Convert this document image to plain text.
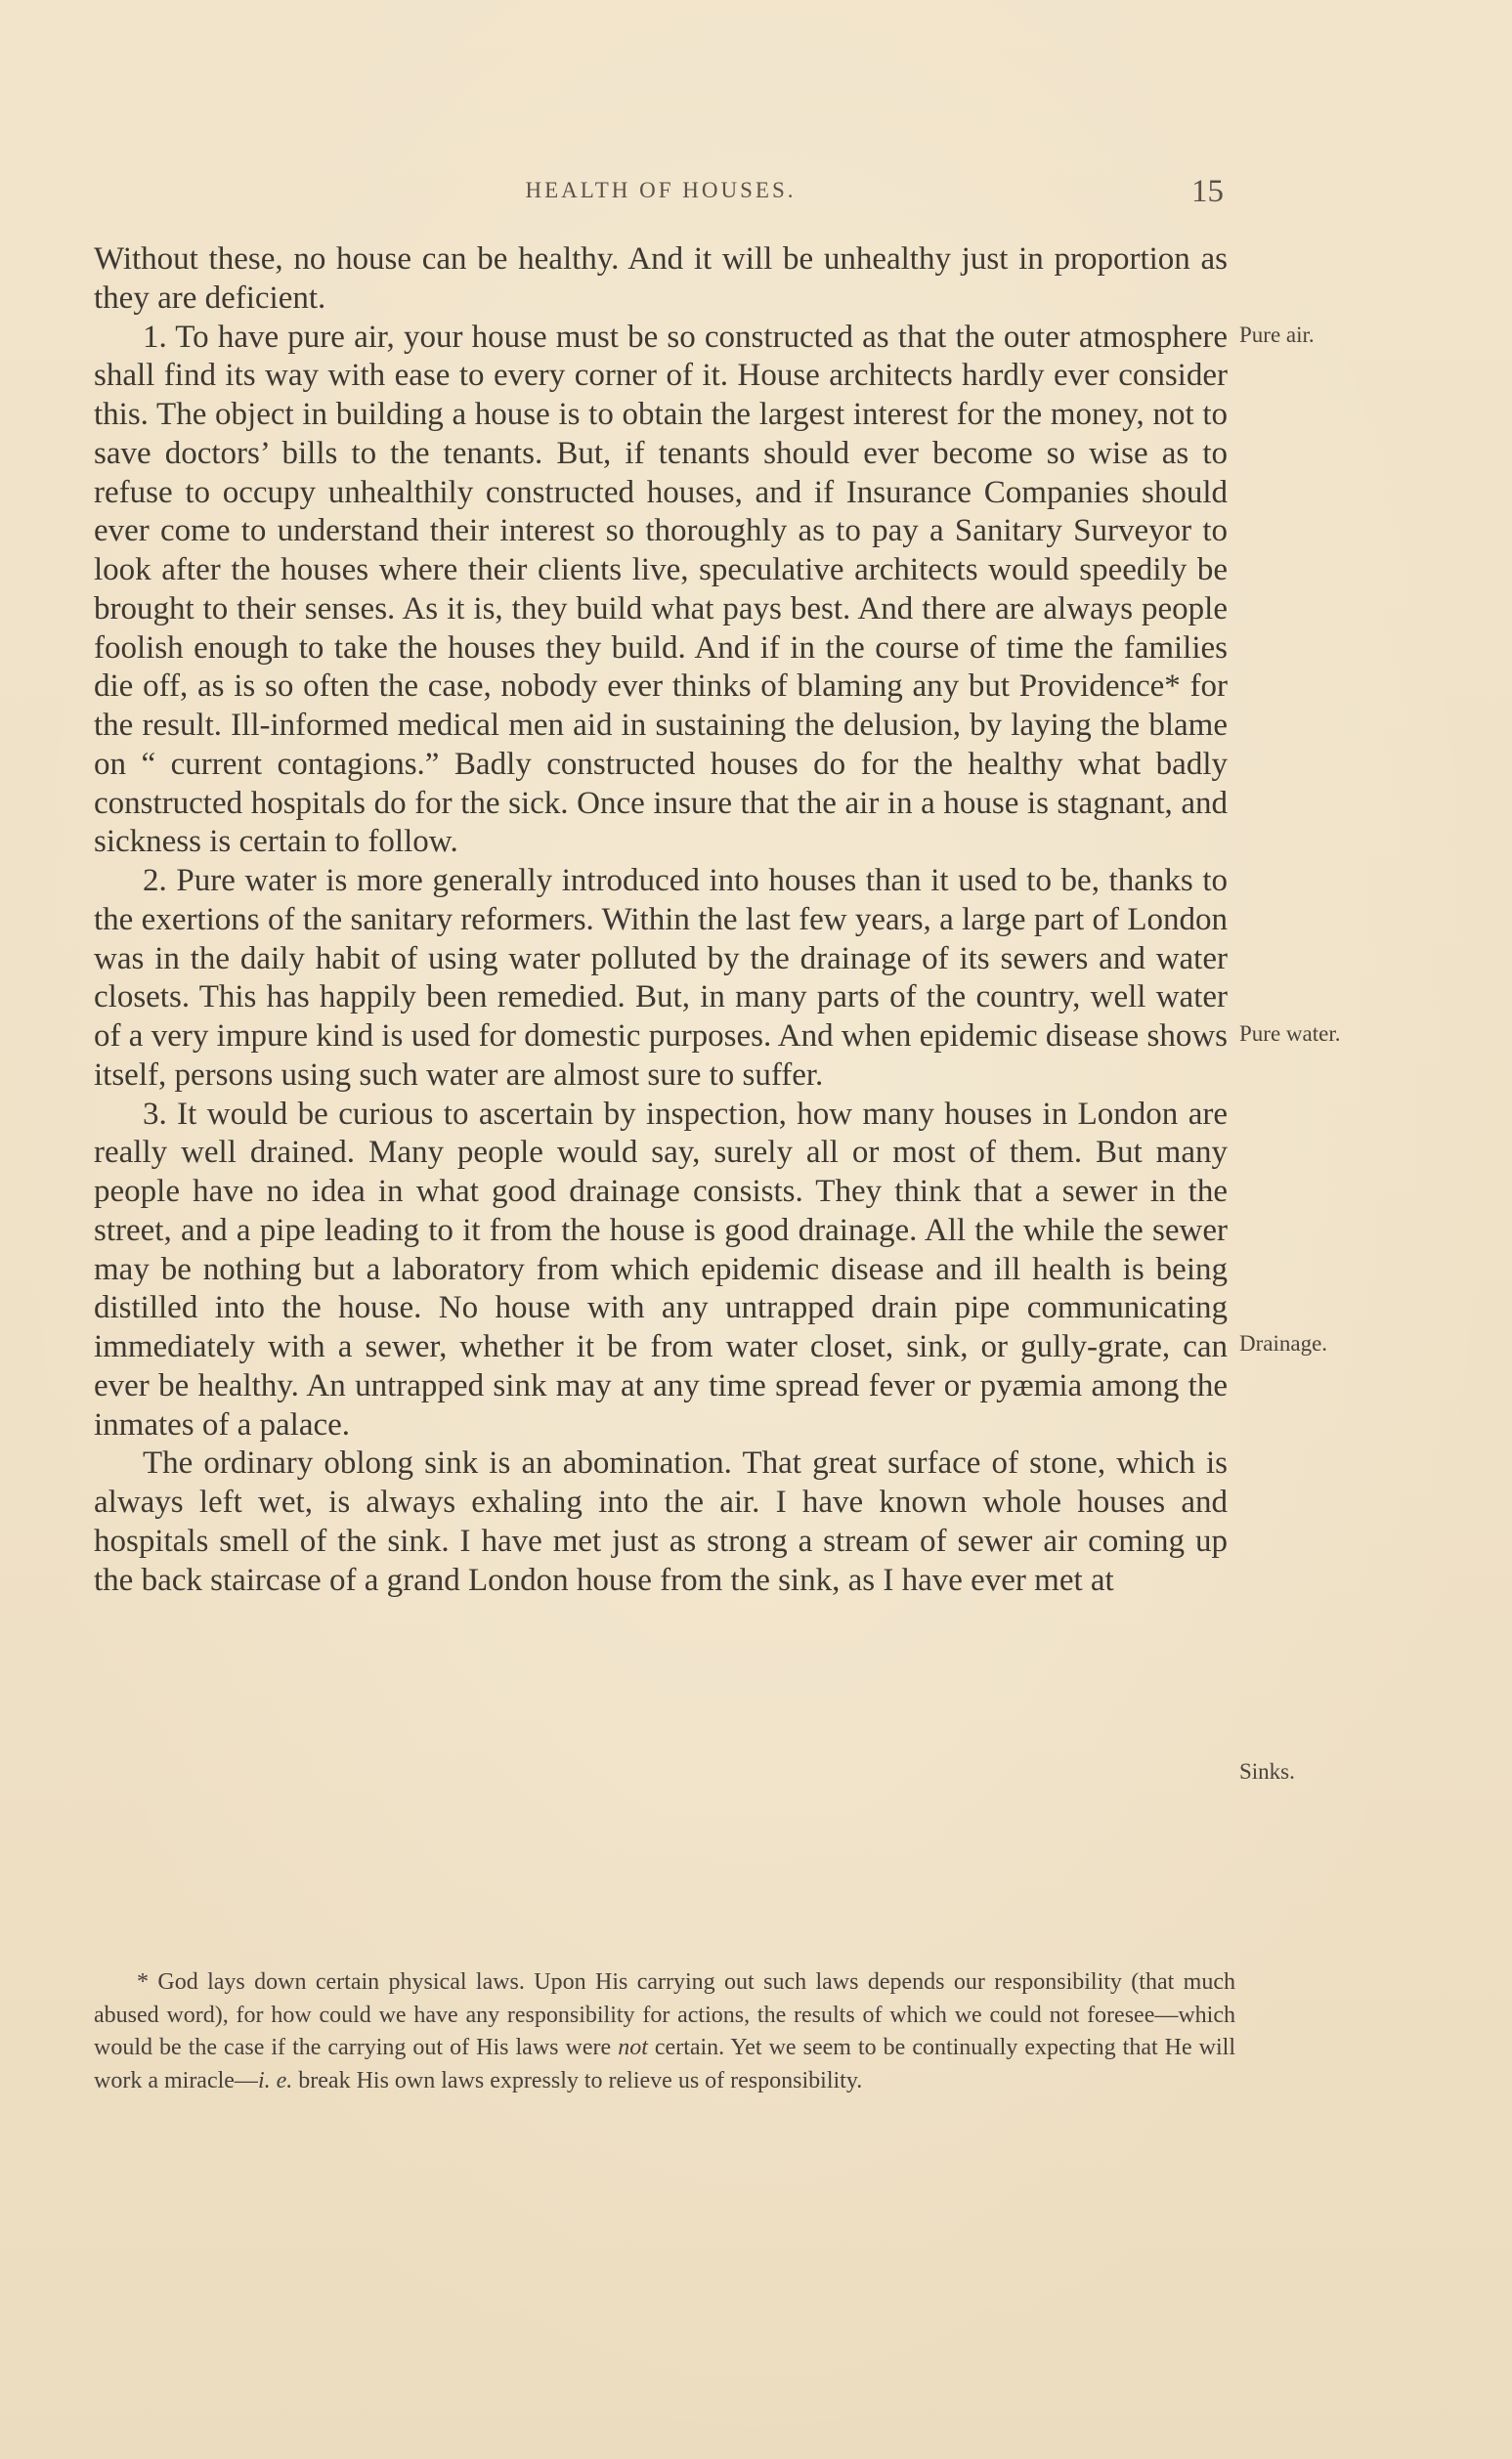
HEALTH OF HOUSES.	15

Without these, no house can be healthy. And it will be unhealthy just in proportion as they are deficient.

1. To have pure air, your house must be so constructed as that the outer atmosphere shall find its way with ease to every corner of it. House architects hardly ever consider this. The object in building a house is to obtain the largest interest for the money, not to save doctors’ bills to the tenants. But, if tenants should ever become so wise as to refuse to occupy unhealthily constructed houses, and if Insurance Companies should ever come to understand their interest so thoroughly as to pay a Sanitary Surveyor to look after the houses where their clients live, speculative architects would speedily be brought to their senses. As it is, they build what pays best. And there are always people foolish enough to take the houses they build. And if in the course of time the families die off, as is so often the case, nobody ever thinks of blaming any but Providence* for the result. Ill-informed medical men aid in sustaining the delusion, by laying the blame on “ current contagions.” Badly constructed houses do for the healthy what badly constructed hospitals do for the sick. Once insure that the air in a house is stagnant, and sickness is certain to follow.

2. Pure water is more generally introduced into houses than it used to be, thanks to the exertions of the sanitary reformers. Within the last few years, a large part of London was in the daily habit of using water polluted by the drainage of its sewers and water closets. This has happily been remedied. But, in many parts of the country, well water of a very impure kind is used for domestic purposes. And when epidemic disease shows itself, persons using such water are almost sure to suffer.

3. It would be curious to ascertain by inspection, how many houses in London are really well drained. Many people would say, surely all or most of them. But many people have no idea in what good drainage consists. They think that a sewer in the street, and a pipe leading to it from the house is good drainage. All the while the sewer may be nothing but a laboratory from which epidemic disease and ill health is being distilled into the house. No house with any untrapped drain pipe communicating immediately with a sewer, whether it be from water closet, sink, or gully-grate, can ever be healthy. An untrapped sink may at any time spread fever or pyæmia among the inmates of a palace.

The ordinary oblong sink is an abomination. That great surface of stone, which is always left wet, is always exhaling into the air. I have known whole houses and hospitals smell of the sink. I have met just as strong a stream of sewer air coming up the back staircase of a grand London house from the sink, as I have ever met at

Pure air.
Pure water.
Drainage.
Sinks.

* God lays down certain physical laws. Upon His carrying out such laws depends our responsibility (that much abused word), for how could we have any responsibility for actions, the results of which we could not foresee—which would be the case if the carrying out of His laws were not certain. Yet we seem to be continually expecting that He will work a miracle—i. e. break His own laws expressly to relieve us of responsibility.
